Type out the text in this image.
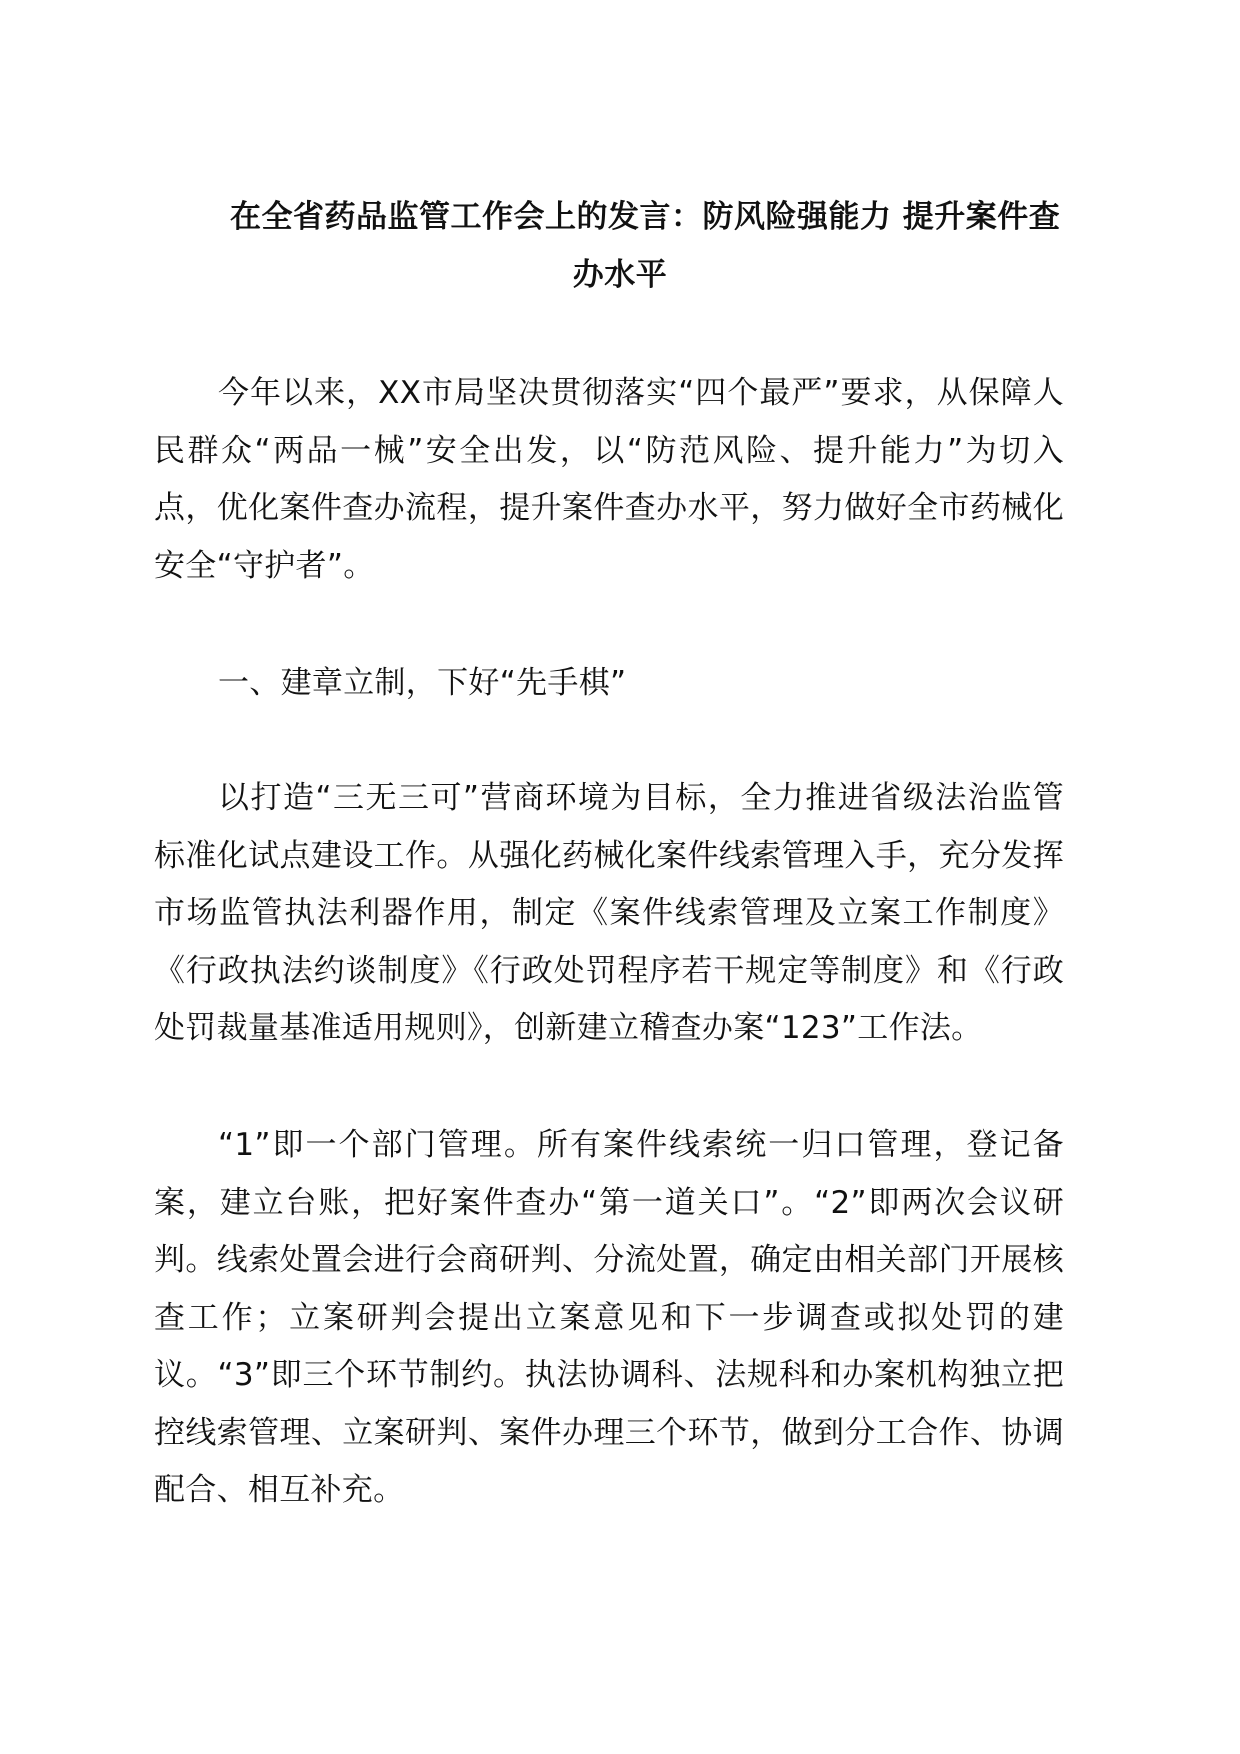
在全省药品监管工作会上的发言：防风险强能力 提升案件查
办水平

今年以来，XX市局坚决贯彻落实“四个最严”要求，从保障人民群众“两品一械”安全出发，以“防范风险、提升能力”为切入点，优化案件查办流程，提升案件查办水平，努力做好全市药械化安全“守护者”。

一、建章立制，下好“先手棋”

以打造“三无三可”营商环境为目标，全力推进省级法治监管标准化试点建设工作。从强化药械化案件线索管理入手，充分发挥市场监管执法利器作用，制定《案件线索管理及立案工作制度》《行政执法约谈制度》《行政处罚程序若干规定等制度》和《行政处罚裁量基准适用规则》，创新建立稽查办案“123”工作法。

“1”即一个部门管理。所有案件线索统一归口管理，登记备案，建立台账，把好案件查办“第一道关口”。“2”即两次会议研判。线索处置会进行会商研判、分流处置，确定由相关部门开展核查工作；立案研判会提出立案意见和下一步调查或拟处罚的建议。“3”即三个环节制约。执法协调科、法规科和办案机构独立把控线索管理、立案研判、案件办理三个环节，做到分工合作、协调配合、相互补充。
